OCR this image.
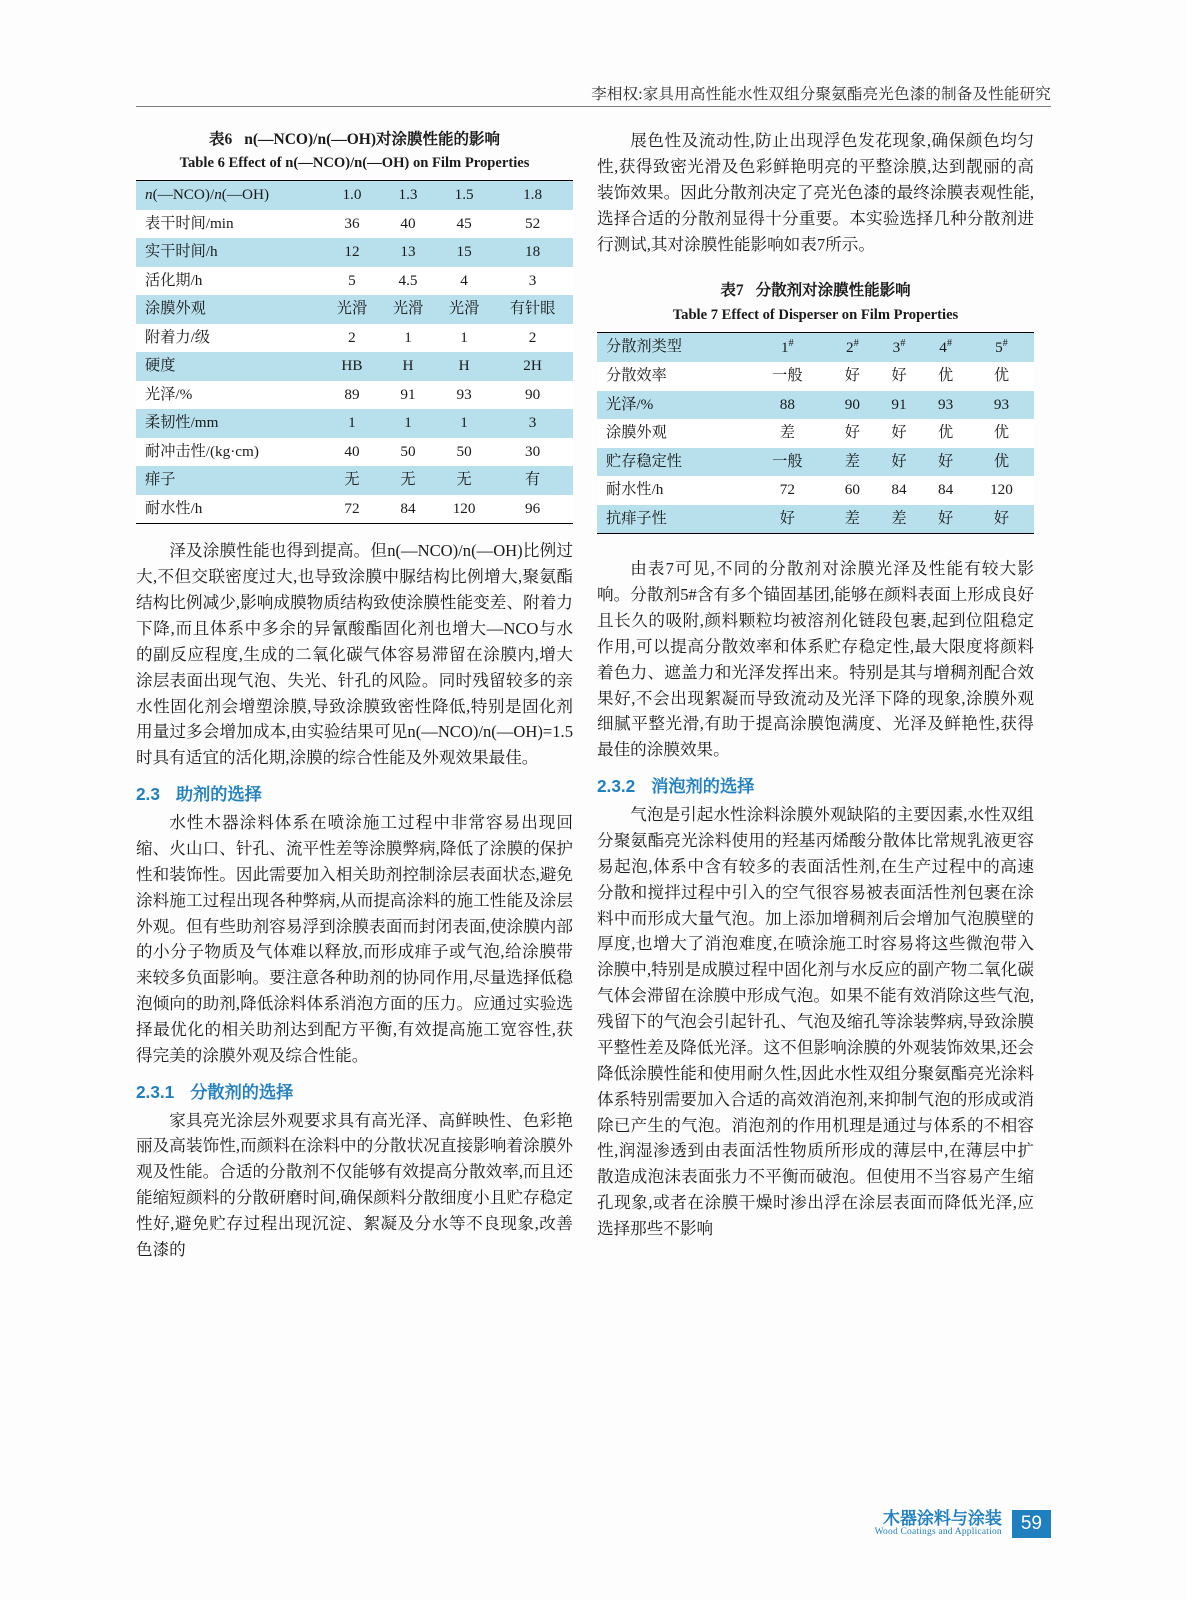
李相权:家具用高性能水性双组分聚氨酯亮光色漆的制备及性能研究
表6 n(—NCO)/n(—OH)对涂膜性能的影响
Table 6 Effect of n(—NCO)/n(—OH) on Film Properties
n(—NCO)/n(—OH)	1.0	1.3	1.5	1.8
表干时间/min	36	40	45	52
实干时间/h	12	13	15	18
活化期/h	5	4.5	4	3
涂膜外观	光滑	光滑	光滑	有针眼
附着力/级	2	1	1	2
硬度	HB	H	H	2H
光泽/%	89	91	93	90
柔韧性/mm	1	1	1	3
耐冲击性/(kg·cm)	40	50	50	30
痱子	无	无	无	有
耐水性/h	72	84	120	96

泽及涂膜性能也得到提高。但n(—NCO)/n(—OH)比例过大,不但交联密度过大,也导致涂膜中脲结构比例增大,聚氨酯结构比例减少,影响成膜物质结构致使涂膜性能变差、附着力下降,而且体系中多余的异氰酸酯固化剂也增大—NCO与水的副反应程度,生成的二氧化碳气体容易滞留在涂膜内,增大涂层表面出现气泡、失光、针孔的风险。同时残留较多的亲水性固化剂会增塑涂膜,导致涂膜致密性降低,特别是固化剂用量过多会增加成本,由实验结果可见n(—NCO)/n(—OH)=1.5时具有适宜的活化期,涂膜的综合性能及外观效果最佳。

2.3 助剂的选择

水性木器涂料体系在喷涂施工过程中非常容易出现回缩、火山口、针孔、流平性差等涂膜弊病,降低了涂膜的保护性和装饰性。因此需要加入相关助剂控制涂层表面状态,避免涂料施工过程出现各种弊病,从而提高涂料的施工性能及涂层外观。但有些助剂容易浮到涂膜表面而封闭表面,使涂膜内部的小分子物质及气体难以释放,而形成痱子或气泡,给涂膜带来较多负面影响。要注意各种助剂的协同作用,尽量选择低稳泡倾向的助剂,降低涂料体系消泡方面的压力。应通过实验选择最优化的相关助剂达到配方平衡,有效提高施工宽容性,获得完美的涂膜外观及综合性能。

2.3.1 分散剂的选择

家具亮光涂层外观要求具有高光泽、高鲜映性、色彩艳丽及高装饰性,而颜料在涂料中的分散状况直接影响着涂膜外观及性能。合适的分散剂不仅能够有效提高分散效率,而且还能缩短颜料的分散研磨时间,确保颜料分散细度小且贮存稳定性好,避免贮存过程出现沉淀、絮凝及分水等不良现象,改善色漆的

展色性及流动性,防止出现浮色发花现象,确保颜色均匀性,获得致密光滑及色彩鲜艳明亮的平整涂膜,达到靓丽的高装饰效果。因此分散剂决定了亮光色漆的最终涂膜表观性能,选择合适的分散剂显得十分重要。本实验选择几种分散剂进行测试,其对涂膜性能影响如表7所示。

表7 分散剂对涂膜性能影响
Table 7 Effect of Disperser on Film Properties
分散剂类型	1#	2#	3#	4#	5#
分散效率	一般	好	好	优	优
光泽/%	88	90	91	93	93
涂膜外观	差	好	好	优	优
贮存稳定性	一般	差	好	好	优
耐水性/h	72	60	84	84	120
抗痱子性	好	差	差	好	好

由表7可见,不同的分散剂对涂膜光泽及性能有较大影响。分散剂5#含有多个锚固基团,能够在颜料表面上形成良好且长久的吸附,颜料颗粒均被溶剂化链段包裹,起到位阻稳定作用,可以提高分散效率和体系贮存稳定性,最大限度将颜料着色力、遮盖力和光泽发挥出来。特别是其与增稠剂配合效果好,不会出现絮凝而导致流动及光泽下降的现象,涂膜外观细腻平整光滑,有助于提高涂膜饱满度、光泽及鲜艳性,获得最佳的涂膜效果。

2.3.2 消泡剂的选择

气泡是引起水性涂料涂膜外观缺陷的主要因素,水性双组分聚氨酯亮光涂料使用的羟基丙烯酸分散体比常规乳液更容易起泡,体系中含有较多的表面活性剂,在生产过程中的高速分散和搅拌过程中引入的空气很容易被表面活性剂包裹在涂料中而形成大量气泡。加上添加增稠剂后会增加气泡膜壁的厚度,也增大了消泡难度,在喷涂施工时容易将这些微泡带入涂膜中,特别是成膜过程中固化剂与水反应的副产物二氧化碳气体会滞留在涂膜中形成气泡。如果不能有效消除这些气泡,残留下的气泡会引起针孔、气泡及缩孔等涂装弊病,导致涂膜平整性差及降低光泽。这不但影响涂膜的外观装饰效果,还会降低涂膜性能和使用耐久性,因此水性双组分聚氨酯亮光涂料体系特别需要加入合适的高效消泡剂,来抑制气泡的形成或消除已产生的气泡。消泡剂的作用机理是通过与体系的不相容性,润湿渗透到由表面活性物质所形成的薄层中,在薄层中扩散造成泡沫表面张力不平衡而破泡。但使用不当容易产生缩孔现象,或者在涂膜干燥时渗出浮在涂层表面而降低光泽,应选择那些不影响

木器涂料与涂装
Wood Coatings and Application	59
